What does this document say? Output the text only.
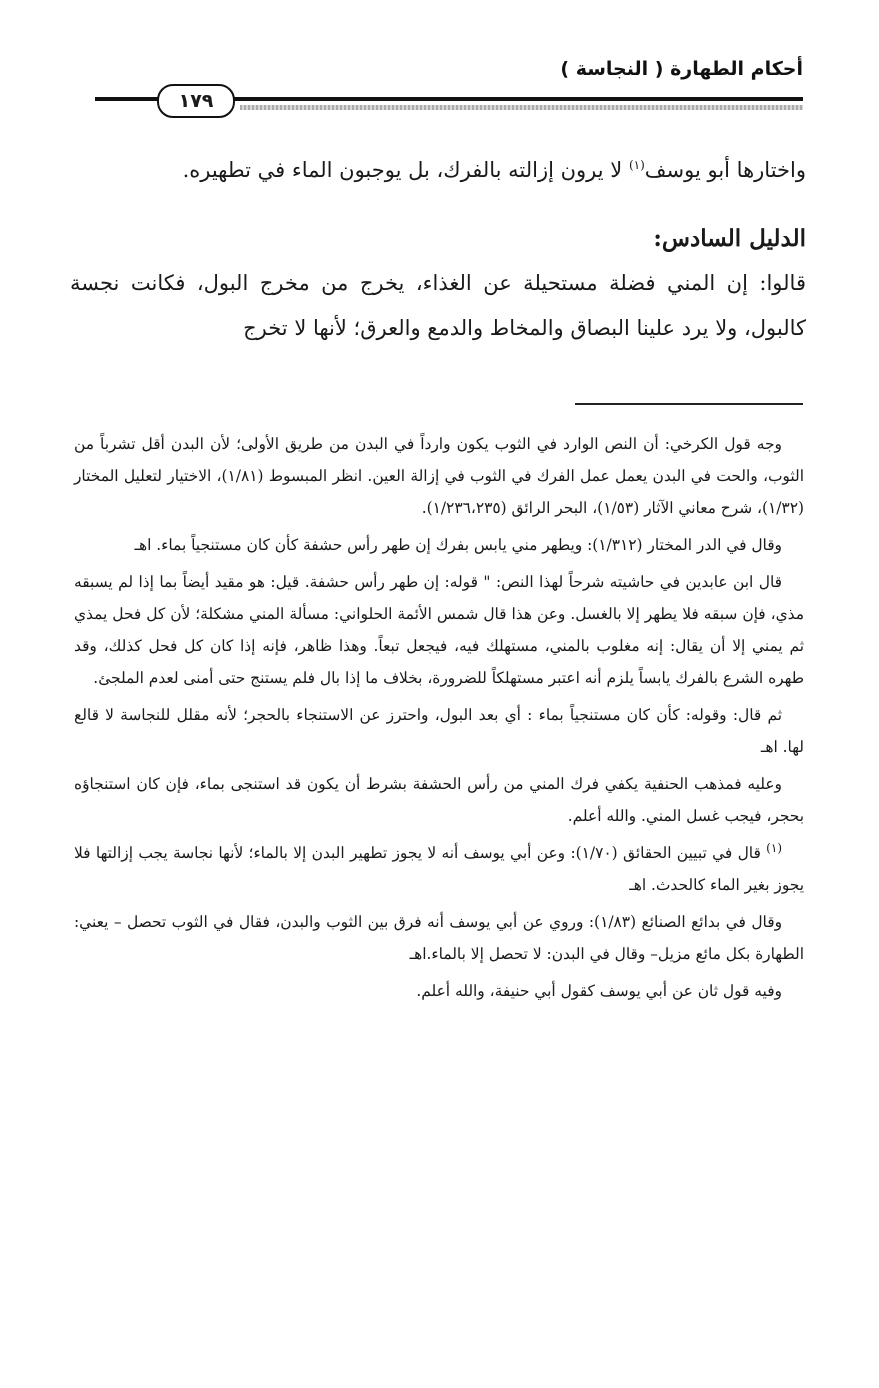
أحكام الطهارة ( النجاسة )
١٧٩

واختارها أبو يوسف$^{(١)}$ لا يرون إزالته بالفرك، بل يوجبون الماء في تطهيره.

الدليل السادس:

قالوا: إن المني فضلة مستحيلة عن الغذاء، يخرج من مخرج البول، فكانت نجسة كالبول، ولا يرد علينا البصاق والمخاط والدمع والعرق؛ لأنها لا تخرج

وجه قول الكرخي: أن النص الوارد في الثوب يكون وارداً في البدن من طريق الأولى؛ لأن البدن أقل تشرباً من الثوب، والحت في البدن يعمل عمل الفرك في الثوب في إزالة العين. انظر المبسوط (١/٨١)، الاختيار لتعليل المختار (١/٣٢)، شرح معاني الآثار (١/٥٣)، البحر الرائق (١/٢٣٦،٢٣٥).

وقال في الدر المختار (١/٣١٢): ويطهر مني يابس بفرك إن طهر رأس حشفة كأن كان مستنجياً بماء. اهـ

قال ابن عابدين في حاشيته شرحاً لهذا النص: " قوله: إن طهر رأس حشفة. قيل: هو مقيد أيضاً بما إذا لم يسبقه مذي، فإن سبقه فلا يطهر إلا بالغسل. وعن هذا قال شمس الأئمة الحلواني: مسألة المني مشكلة؛ لأن كل فحل يمذي ثم يمني إلا أن يقال: إنه مغلوب بالمني، مستهلك فيه، فيجعل تبعاً. وهذا ظاهر، فإنه إذا كان كل فحل كذلك، وقد طهره الشرع بالفرك يابساً يلزم أنه اعتبر مستهلكاً للضرورة، بخلاف ما إذا بال فلم يستنج حتى أمنى لعدم الملجئ.

ثم قال: وقوله: كأن كان مستنجياً بماء : أي بعد البول، واحترز عن الاستنجاء بالحجر؛ لأنه مقلل للنجاسة لا قالع لها. اهـ

وعليه فمذهب الحنفية يكفي فرك المني من رأس الحشفة بشرط أن يكون قد استنجى بماء، فإن كان استنجاؤه بحجر، فيجب غسل المني. والله أعلم.

$^{(١)}$ قال في تبيين الحقائق (١/٧٠): وعن أبي يوسف أنه لا يجوز تطهير البدن إلا بالماء؛ لأنها نجاسة يجب إزالتها فلا يجوز بغير الماء كالحدث. اهـ

وقال في بدائع الصنائع (١/٨٣): وروي عن أبي يوسف أنه فرق بين الثوب والبدن، فقال في الثوب تحصل – يعني: الطهارة بكل مائع مزيل– وقال في البدن: لا تحصل إلا بالماء.اهـ

وفيه قول ثان عن أبي يوسف كقول أبي حنيفة، والله أعلم.
